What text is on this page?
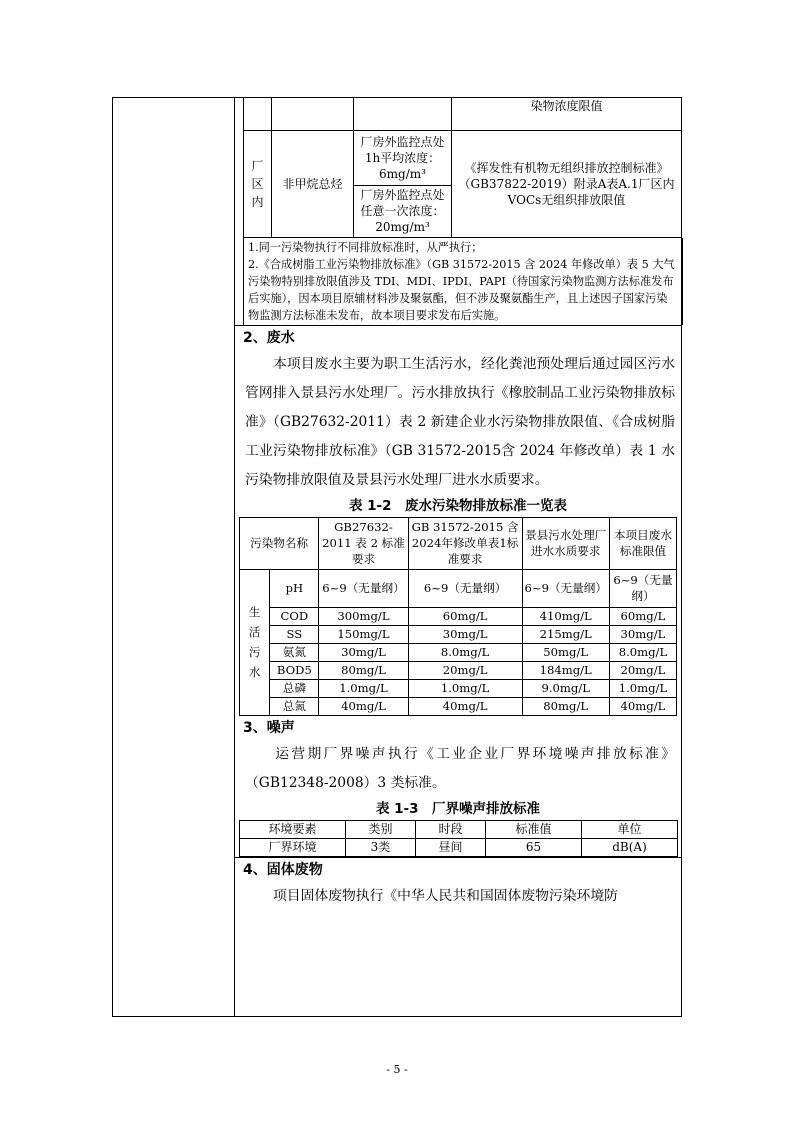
			染物浓度限值
厂区内	非甲烷总烃	厂房外监控点处1h平均浓度：6mg/m³	《挥发性有机物无组织排放控制标准》（GB37822-2019）附录A表A.1厂区内VOCs无组织排放限值
		厂房外监控点处任意一次浓度：20mg/m³	
1.同一污染物执行不同排放标准时，从严执行；
2.《合成树脂工业污染物排放标准》（GB 31572-2015 含 2024 年修改单）表 5 大气污染物特别排放限值涉及 TDI、MDI、IPDI、PAPI（待国家污染物监测方法标准发布后实施），因本项目原辅材料涉及聚氨酯，但不涉及聚氨酯生产，且上述因子国家污染物监测方法标准未发布，故本项目要求发布后实施。
2、废水
本项目废水主要为职工生活污水，经化粪池预处理后通过园区污水管网排入景县污水处理厂。污水排放执行《橡胶制品工业污染物排放标准》（GB27632-2011）表 2 新建企业水污染物排放限值、《合成树脂工业污染物排放标准》（GB 31572-2015含 2024 年修改单）表 1 水污染物排放限值及景县污水处理厂进水水质要求。
表 1-2　废水污染物排放标准一览表
污染物名称		GB27632-2011 表 2 标准要求	GB 31572-2015 含 2024年修改单表1标准要求	景县污水处理厂进水水质要求	本项目废水标准限值
生活污水	pH	6~9（无量纲）	6~9（无量纲）	6~9（无量纲）	6~9（无量纲）
	COD	300mg/L	60mg/L	410mg/L	60mg/L
	SS	150mg/L	30mg/L	215mg/L	30mg/L
	氨氮	30mg/L	8.0mg/L	50mg/L	8.0mg/L
	BOD5	80mg/L	20mg/L	184mg/L	20mg/L
	总磷	1.0mg/L	1.0mg/L	9.0mg/L	1.0mg/L
	总氮	40mg/L	40mg/L	80mg/L	40mg/L
3、噪声
运营期厂界噪声执行《工业企业厂界环境噪声排放标准》（GB12348-2008）3 类标准。
表 1-3　厂界噪声排放标准
环境要素	类别	时段	标准值	单位
厂界环境	3类	昼间	65	dB(A)
4、固体废物
项目固体废物执行《中华人民共和国固体废物污染环境防
- 5 -
